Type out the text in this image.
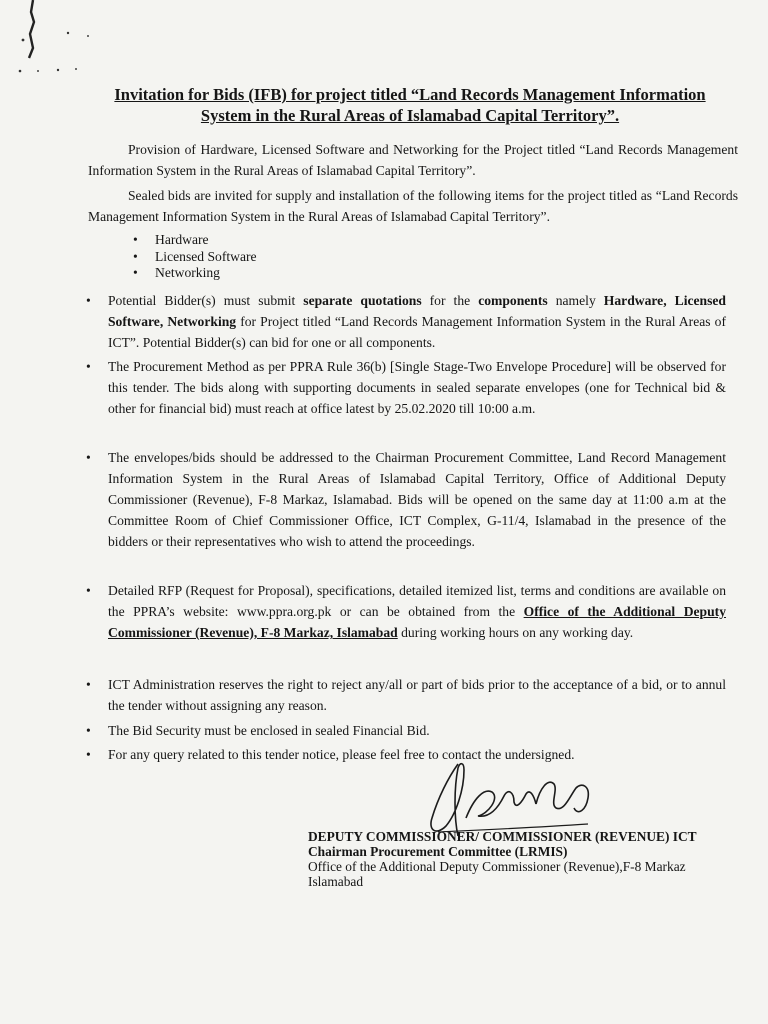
Invitation for Bids (IFB) for project titled “Land Records Management Information
System in the Rural Areas of Islamabad Capital Territory”.
Provision of Hardware, Licensed Software and Networking for the Project titled “Land Records Management Information System in the Rural Areas of Islamabad Capital Territory”.
Sealed bids are invited for supply and installation of the following items for the project titled as “Land Records Management Information System in the Rural Areas of Islamabad Capital Territory”.
• Hardware
• Licensed Software
• Networking
• Potential Bidder(s) must submit separate quotations for the components namely Hardware, Licensed Software, Networking for Project titled “Land Records Management Information System in the Rural Areas of ICT”. Potential Bidder(s) can bid for one or all components.
• The Procurement Method as per PPRA Rule 36(b) [Single Stage-Two Envelope Procedure] will be observed for this tender. The bids along with supporting documents in sealed separate envelopes (one for Technical bid & other for financial bid) must reach at office latest by 25.02.2020 till 10:00 a.m.
• The envelopes/bids should be addressed to the Chairman Procurement Committee, Land Record Management Information System in the Rural Areas of Islamabad Capital Territory, Office of Additional Deputy Commissioner (Revenue), F-8 Markaz, Islamabad. Bids will be opened on the same day at 11:00 a.m at the Committee Room of Chief Commissioner Office, ICT Complex, G-11/4, Islamabad in the presence of the bidders or their representatives who wish to attend the proceedings.
• Detailed RFP (Request for Proposal), specifications, detailed itemized list, terms and conditions are available on the PPRA’s website: www.ppra.org.pk or can be obtained from the Office of the Additional Deputy Commissioner (Revenue), F-8 Markaz, Islamabad during working hours on any working day.
• ICT Administration reserves the right to reject any/all or part of bids prior to the acceptance of a bid, or to annul the tender without assigning any reason.
• The Bid Security must be enclosed in sealed Financial Bid.
• For any query related to this tender notice, please feel free to contact the undersigned.
DEPUTY COMMISSIONER/ COMMISSIONER (REVENUE) ICT
Chairman Procurement Committee (LRMIS)
Office of the Additional Deputy Commissioner (Revenue),F-8 Markaz
Islamabad
